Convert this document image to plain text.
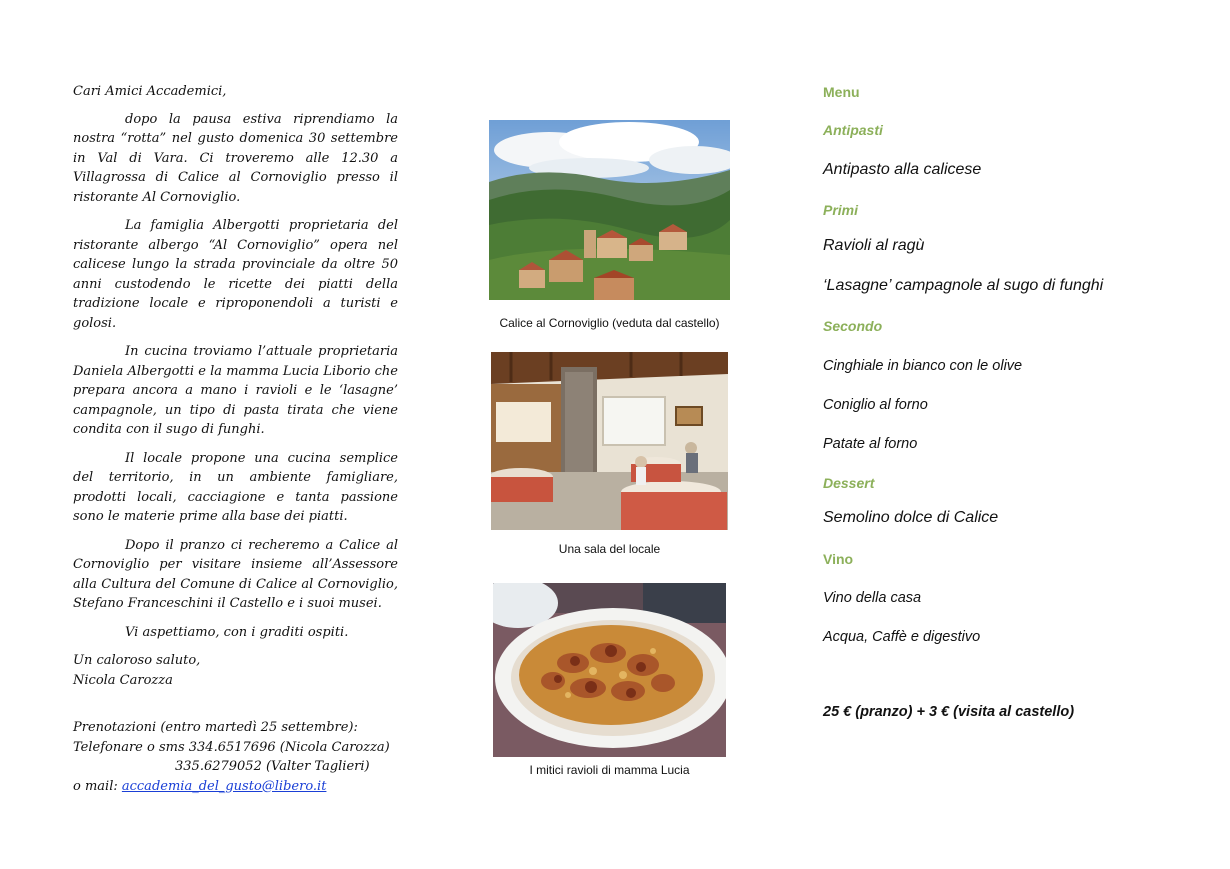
Cari Amici Accademici,

dopo la pausa estiva riprendiamo la nostra “rotta” nel gusto domenica 30 settembre in Val di Vara. Ci troveremo alle 12.30 a Villagrossa di Calice al Cornoviglio presso il ristorante Al Cornoviglio.

La famiglia Albergotti proprietaria del ristorante albergo “Al Cornoviglio” opera nel calicese lungo la strada provinciale da oltre 50 anni custodendo le ricette dei piatti della tradizione locale e riproponendoli a turisti e golosi.

In cucina troviamo l’attuale proprietaria Daniela Albergotti e la mamma Lucia Liborio che prepara ancora a mano i ravioli e le ‘lasagne’ campagnole, un tipo di pasta tirata che viene condita con il sugo di funghi.

Il locale propone una cucina semplice del territorio, in un ambiente famigliare, prodotti locali, cacciagione e tanta passione sono le materie prime alla base dei piatti.

Dopo il pranzo ci recheremo a Calice al Cornoviglio per visitare insieme all’Assessore alla Cultura del Comune di Calice al Cornoviglio, Stefano Franceschini il Castello e i suoi musei.

Vi aspettiamo, con i graditi ospiti.

Un caloroso saluto,

Nicola Carozza

Prenotazioni (entro martedì 25 settembre):
Telefonare o sms 334.6517696 (Nicola Carozza)
335.6279052 (Valter Taglieri)
o mail: accademia_del_gusto@libero.it
Calice al Cornoviglio (veduta dal castello)
Una sala del locale
I mitici ravioli di mamma Lucia
Menu
Antipasti
Antipasto alla calicese
Primi
Ravioli al ragù
‘Lasagne’ campagnole al sugo di funghi
Secondo
Cinghiale in bianco con le olive
Coniglio al forno
Patate al forno
Dessert
Semolino dolce di Calice
Vino
Vino della casa
Acqua, Caffè e digestivo
25 € (pranzo) + 3 € (visita al castello)
